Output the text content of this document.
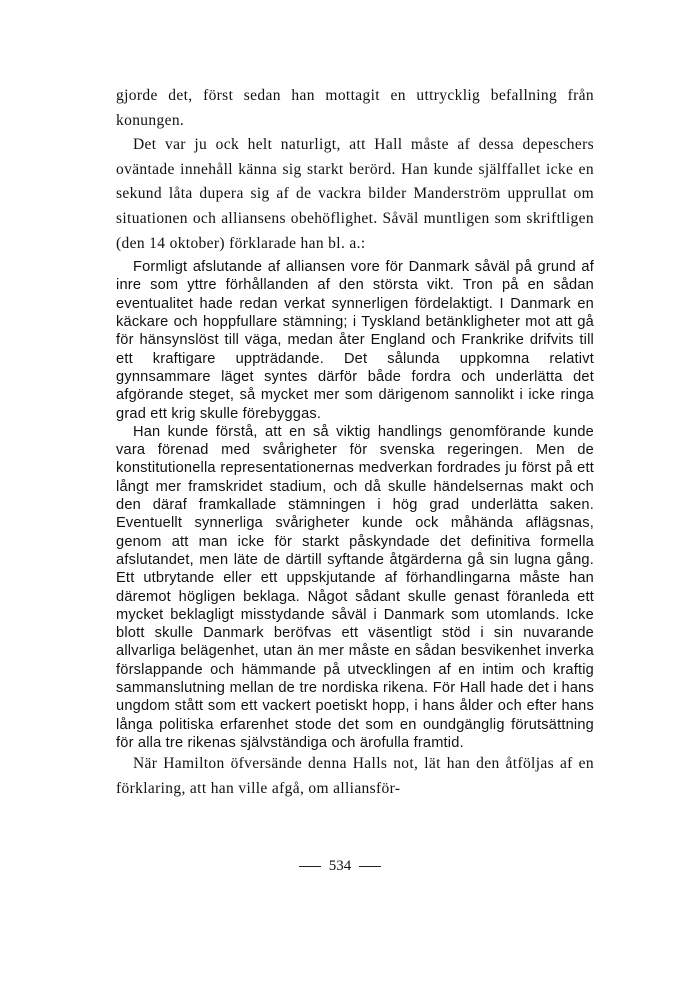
gjorde det, först sedan han mottagit en uttrycklig befallning från konungen.

Det var ju ock helt naturligt, att Hall måste af dessa depeschers oväntade innehåll känna sig starkt berörd. Han kunde själffallet icke en sekund låta dupera sig af de vackra bilder Manderström upprullat om situationen och alliansens obehöflighet. Såväl muntligen som skriftligen (den 14 oktober) förklarade han bl. a.:

Formligt afslutande af alliansen vore för Danmark såväl på grund af inre som yttre förhållanden af den största vikt. Tron på en sådan eventualitet hade redan verkat synnerligen fördelaktigt. I Danmark en käckare och hoppfullare stämning; i Tyskland betänkligheter mot att gå för hänsynslöst till väga, medan åter England och Frankrike drifvits till ett kraftigare uppträdande. Det sålunda uppkomna relativt gynnsammare läget syntes därför både fordra och underlätta det afgörande steget, så mycket mer som därigenom sannolikt i icke ringa grad ett krig skulle förebyggas.

Han kunde förstå, att en så viktig handlings genomförande kunde vara förenad med svårigheter för svenska regeringen. Men de konstitutionella representationernas medverkan fordrades ju först på ett långt mer framskridet stadium, och då skulle händelsernas makt och den däraf framkallade stämningen i hög grad underlätta saken. Eventuellt synnerliga svårigheter kunde ock måhända aflägsnas, genom att man icke för starkt påskyndade det definitiva formella afslutandet, men läte de därtill syftande åtgärderna gå sin lugna gång. Ett utbrytande eller ett uppskjutande af förhandlingarna måste han däremot högligen beklaga. Något sådant skulle genast föranleda ett mycket beklagligt misstydande såväl i Danmark som utomlands. Icke blott skulle Danmark beröfvas ett väsentligt stöd i sin nuvarande allvarliga belägenhet, utan än mer måste en sådan besvikenhet inverka förslappande och hämmande på utvecklingen af en intim och kraftig sammanslutning mellan de tre nordiska rikena. För Hall hade det i hans ungdom stått som ett vackert poetiskt hopp, i hans ålder och efter hans långa politiska erfarenhet stode det som en oundgänglig förutsättning för alla tre rikenas självständiga och ärofulla framtid.

När Hamilton öfversände denna Halls not, lät han den åtföljas af en förklaring, att han ville afgå, om alliansför-

534
